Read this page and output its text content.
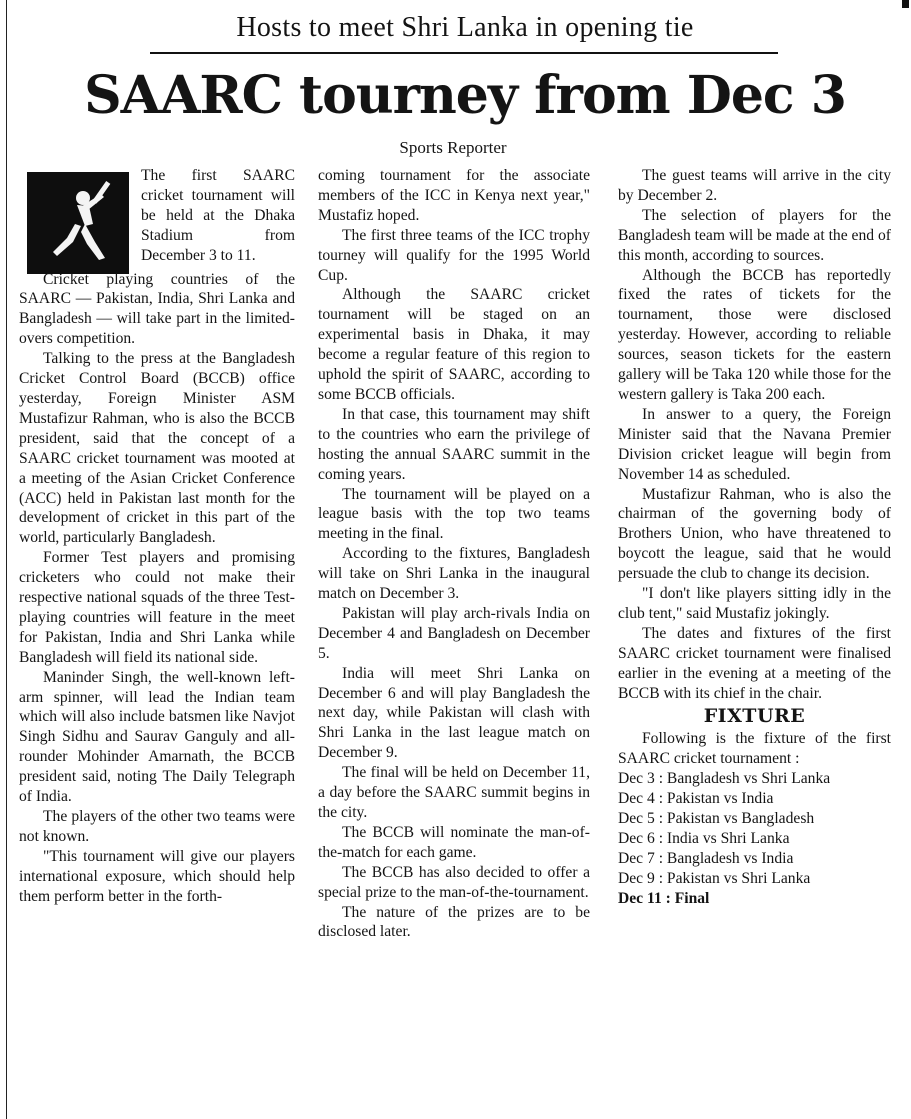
Hosts to meet Shri Lanka in opening tie
SAARC tourney from Dec 3
Sports Reporter

The first SAARC cricket tournament will be held at the Dhaka Stadium from December 3 to 11.

Cricket playing countries of the SAARC — Pakistan, India, Shri Lanka and Bangladesh — will take part in the limited-overs competition.

Talking to the press at the Bangladesh Cricket Control Board (BCCB) office yesterday, Foreign Minister ASM Mustafizur Rahman, who is also the BCCB president, said that the concept of a SAARC cricket tournament was mooted at a meeting of the Asian Cricket Conference (ACC) held in Pakistan last month for the development of cricket in this part of the world, particularly Bangladesh.

Former Test players and promising cricketers who could not make their respective national squads of the three Test-playing countries will feature in the meet for Pakistan, India and Shri Lanka while Bangladesh will field its national side.

Maninder Singh, the well-known left-arm spinner, will lead the Indian team which will also include batsmen like Navjot Singh Sidhu and Saurav Ganguly and all-rounder Mohinder Amarnath, the BCCB president said, noting The Daily Telegraph of India.

The players of the other two teams were not known.

"This tournament will give our players international exposure, which should help them perform better in the forth-

coming tournament for the associate members of the ICC in Kenya next year," Mustafiz hoped.

The first three teams of the ICC trophy tourney will qualify for the 1995 World Cup.

Although the SAARC cricket tournament will be staged on an experimental basis in Dhaka, it may become a regular feature of this region to uphold the spirit of SAARC, according to some BCCB officials.

In that case, this tournament may shift to the countries who earn the privilege of hosting the annual SAARC summit in the coming years.

The tournament will be played on a league basis with the top two teams meeting in the final.

According to the fixtures, Bangladesh will take on Shri Lanka in the inaugural match on December 3.

Pakistan will play arch-rivals India on December 4 and Bangladesh on December 5.

India will meet Shri Lanka on December 6 and will play Bangladesh the next day, while Pakistan will clash with Shri Lanka in the last league match on December 9.

The final will be held on December 11, a day before the SAARC summit begins in the city.

The BCCB will nominate the man-of-the-match for each game.

The BCCB has also decided to offer a special prize to the man-of-the-tournament.

The nature of the prizes are to be disclosed later.

The guest teams will arrive in the city by December 2.

The selection of players for the Bangladesh team will be made at the end of this month, according to sources.

Although the BCCB has reportedly fixed the rates of tickets for the tournament, those were disclosed yesterday. However, according to reliable sources, season tickets for the eastern gallery will be Taka 120 while those for the western gallery is Taka 200 each.

In answer to a query, the Foreign Minister said that the Navana Premier Division cricket league will begin from November 14 as scheduled.

Mustafizur Rahman, who is also the chairman of the governing body of Brothers Union, who have threatened to boycott the league, said that he would persuade the club to change its decision.

"I don't like players sitting idly in the club tent," said Mustafiz jokingly.

The dates and fixtures of the first SAARC cricket tournament were finalised earlier in the evening at a meeting of the BCCB with its chief in the chair.

FIXTURE

Following is the fixture of the first SAARC cricket tournament :

Dec 3 : Bangladesh vs Shri Lanka

Dec 4 : Pakistan vs India

Dec 5 : Pakistan vs Bangladesh

Dec 6 : India vs Shri Lanka

Dec 7 : Bangladesh vs India

Dec 9 : Pakistan vs Shri Lanka

Dec 11 : Final
